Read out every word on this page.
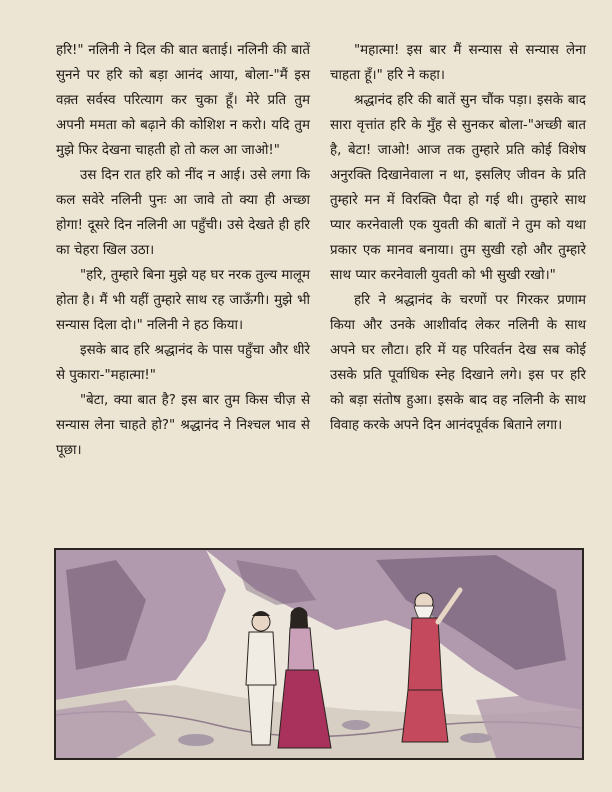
हरि!" नलिनी ने दिल की बात बताई। नलिनी की बातें सुनने पर हरि को बड़ा आनंद आया, बोला-"मैं इस वक़्त सर्वस्व परित्याग कर चुका हूँ। मेरे प्रति तुम अपनी ममता को बढ़ाने की कोशिश न करो। यदि तुम मुझे फिर देखना चाहती हो तो कल आ जाओ!"

उस दिन रात हरि को नींद न आई। उसे लगा कि कल सवेरे नलिनी पुनः आ जावे तो क्या ही अच्छा होगा! दूसरे दिन नलिनी आ पहुँची। उसे देखते ही हरि का चेहरा खिल उठा।

"हरि, तुम्हारे बिना मुझे यह घर नरक तुल्य मालूम होता है। मैं भी यहीं तुम्हारे साथ रह जाऊँगी। मुझे भी सन्यास दिला दो।" नलिनी ने हठ किया।

इसके बाद हरि श्रद्धानंद के पास पहुँचा और धीरे से पुकारा-"महात्मा!"

"बेटा, क्या बात है? इस बार तुम किस चीज़ से सन्यास लेना चाहते हो?" श्रद्धानंद ने निश्चल भाव से पूछा।

"महात्मा! इस बार मैं सन्यास से सन्यास लेना चाहता हूँ।" हरि ने कहा।

श्रद्धानंद हरि की बातें सुन चौंक पड़ा। इसके बाद सारा वृत्तांत हरि के मुँह से सुनकर बोला-"अच्छी बात है, बेटा! जाओ! आज तक तुम्हारे प्रति कोई विशेष अनुरक्ति दिखानेवाला न था, इसलिए जीवन के प्रति तुम्हारे मन में विरक्ति पैदा हो गई थी। तुम्हारे साथ प्यार करनेवाली एक युवती की बातों ने तुम को यथा प्रकार एक मानव बनाया। तुम सुखी रहो और तुम्हारे साथ प्यार करनेवाली युवती को भी सुखी रखो।"

हरि ने श्रद्धानंद के चरणों पर गिरकर प्रणाम किया और उनके आशीर्वाद लेकर नलिनी के साथ अपने घर लौटा। हरि में यह परिवर्तन देख सब कोई उसके प्रति पूर्वाधिक स्नेह दिखाने लगे। इस पर हरि को बड़ा संतोष हुआ। इसके बाद वह नलिनी के साथ विवाह करके अपने दिन आनंदपूर्वक बिताने लगा।
